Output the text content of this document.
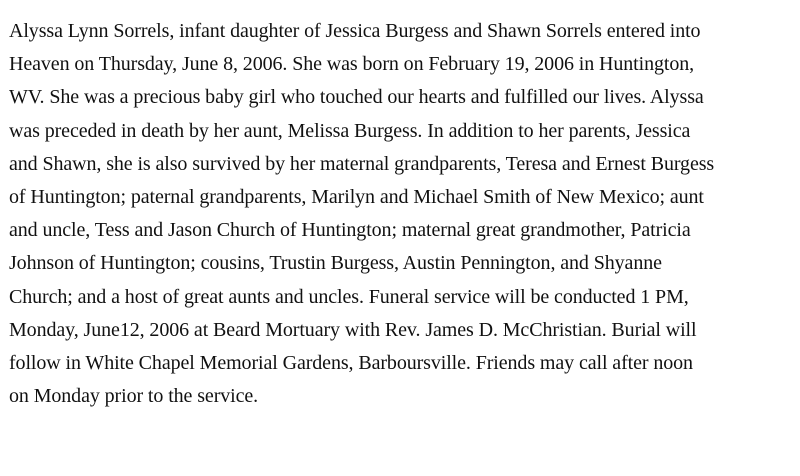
Alyssa Lynn Sorrels, infant daughter of Jessica Burgess and Shawn Sorrels entered into
Heaven on Thursday, June 8, 2006. She was born on February 19, 2006 in Huntington,
WV. She was a precious baby girl who touched our hearts and fulfilled our lives. Alyssa
was preceded in death by her aunt, Melissa Burgess. In addition to her parents, Jessica
and Shawn, she is also survived by her maternal grandparents, Teresa and Ernest Burgess
of Huntington; paternal grandparents, Marilyn and Michael Smith of New Mexico; aunt
and uncle, Tess and Jason Church of Huntington; maternal great grandmother, Patricia
Johnson of Huntington; cousins, Trustin Burgess, Austin Pennington, and Shyanne
Church; and a host of great aunts and uncles. Funeral service will be conducted 1 PM,
Monday, June12, 2006 at Beard Mortuary with Rev. James D. McChristian. Burial will
follow in White Chapel Memorial Gardens, Barboursville. Friends may call after noon
on Monday prior to the service.
